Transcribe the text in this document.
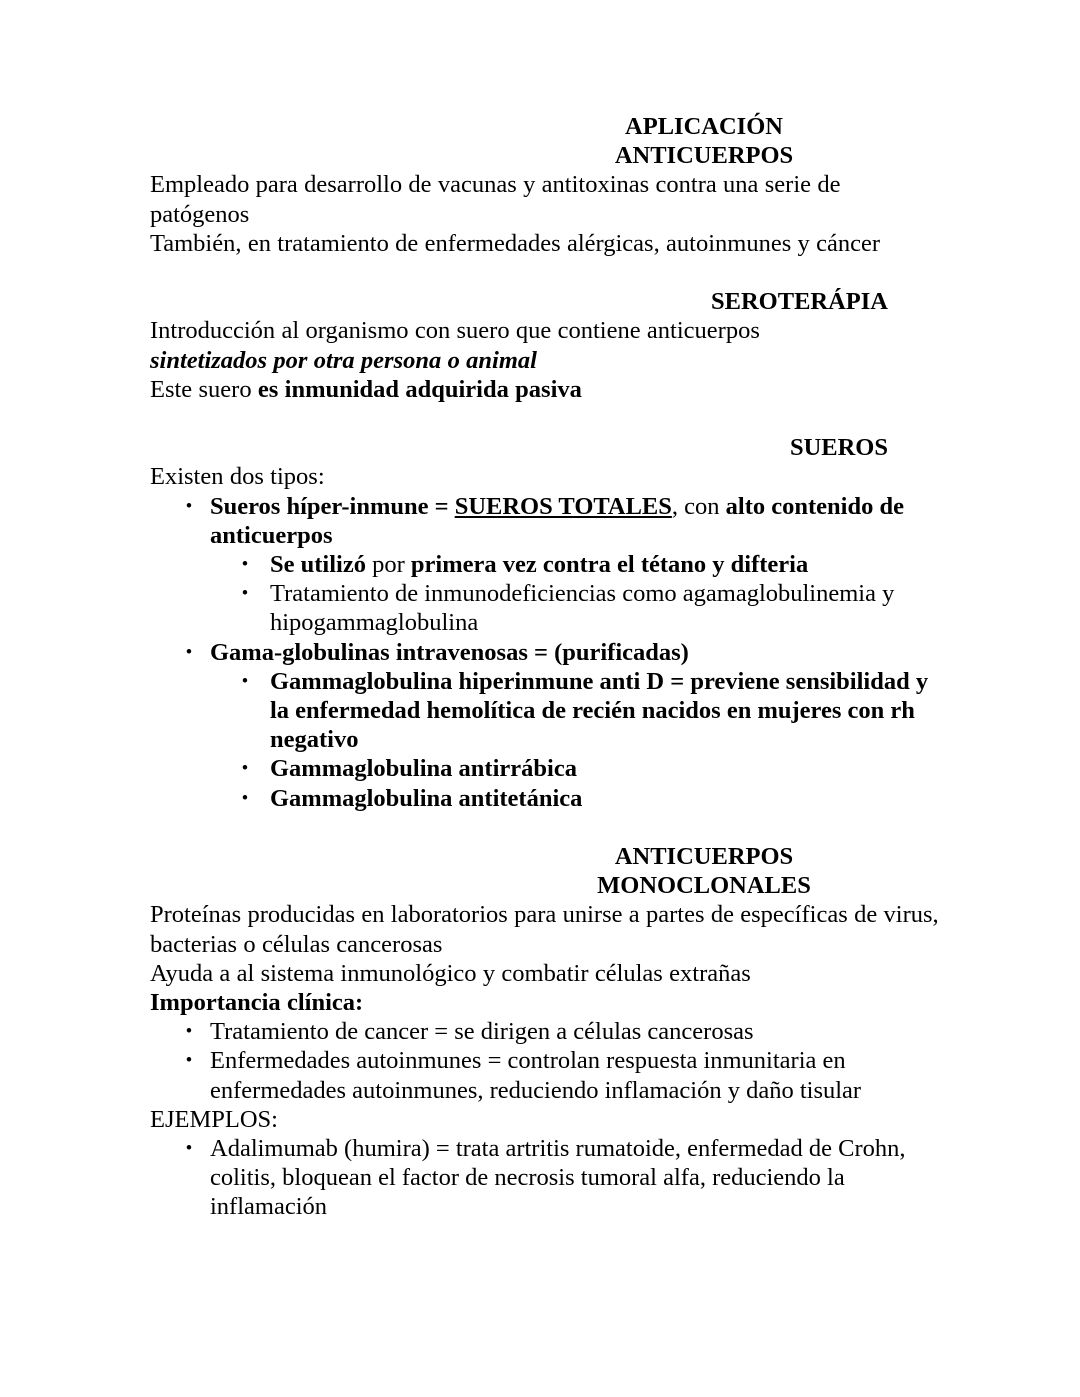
APLICACIÓN
ANTICUERPOS

Empleado para desarrollo de vacunas y antitoxinas contra una serie de patógenos

También, en tratamiento de enfermedades alérgicas, autoinmunes y cáncer

SEROTERÁPIA

Introducción al organismo con suero que contiene anticuerpos

sintetizados por otra persona o animal

Este suero es inmunidad adquirida pasiva

SUEROS

Existen dos tipos:

• Sueros híper-inmune = SUEROS TOTALES, con alto contenido de anticuerpos
• Se utilizó por primera vez contra el tétano y difteria
• Tratamiento de inmunodeficiencias como agamaglobulinemia y hipogammaglobulina
• Gama-globulinas intravenosas = (purificadas)
• Gammaglobulina hiperinmune anti D = previene sensibilidad y la enfermedad hemolítica de recién nacidos en mujeres con rh negativo
• Gammaglobulina antirrábica
• Gammaglobulina antitetánica
ANTICUERPOS
MONOCLONALES

Proteínas producidas en laboratorios para unirse a partes de específicas de virus, bacterias o células cancerosas

Ayuda a al sistema inmunológico y combatir células extrañas

Importancia clínica:

• Tratamiento de cancer = se dirigen a células cancerosas
• Enfermedades autoinmunes = controlan respuesta inmunitaria en enfermedades autoinmunes, reduciendo inflamación y daño tisular

EJEMPLOS:

• Adalimumab (humira) = trata artritis rumatoide, enfermedad de Crohn, colitis, bloquean el factor de necrosis tumoral alfa, reduciendo la inflamación
